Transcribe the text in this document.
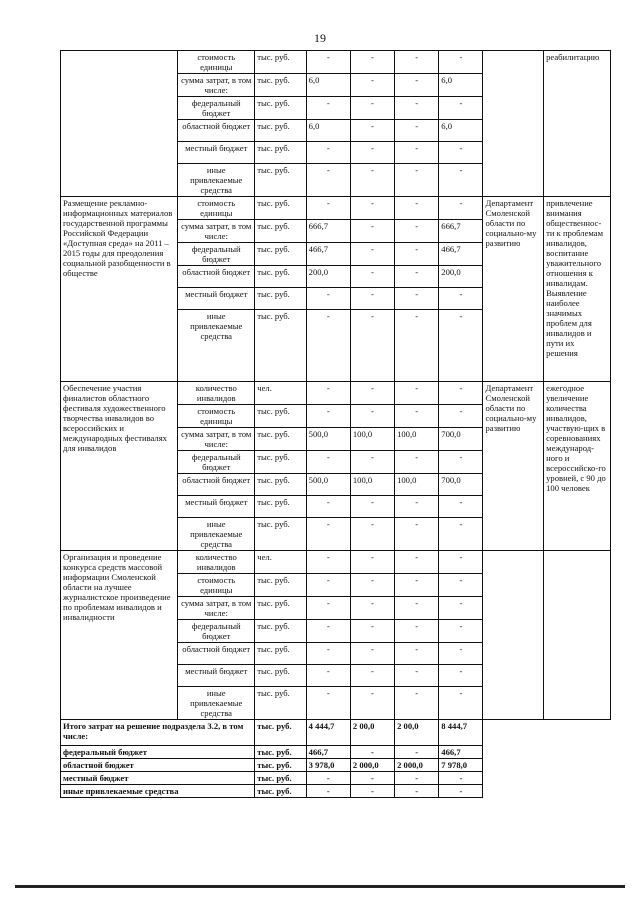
19
	стоимость единицы	тыс. руб.	-	-	-	-		реабилитацию
	сумма затрат, в том числе:	тыс. руб.	6,0	-	-	6,0		
	федеральный бюджет	тыс. руб.	-	-	-	-		
	областной бюджет	тыс. руб.	6,0	-	-	6,0		
	местный бюджет	тыс. руб.	-	-	-	-		
	иные привлекаемые средства	тыс. руб.	-	-	-	-		
Размещение рекламно-информационных материалов государственной программы Российской Федерации «Доступная среда» на 2011 – 2015 годы для преодоления социальной разобщенности в обществе	стоимость единицы	тыс. руб.	-	-	-	-	Департамент Смоленской области по социально-му развитию	привлечение внимания общественнос-ти к проблемам инвалидов, воспитание уважительного отношения к инвалидам. Выявление наиболее значимых проблем для инвалидов и пути их решения
	сумма затрат, в том числе:	тыс. руб.	666,7	-	-	666,7		
	федеральный бюджет	тыс. руб.	466,7	-	-	466,7		
	областной бюджет	тыс. руб.	200,0	-	-	200,0		
	местный бюджет	тыс. руб.	-	-	-	-		
	иные привлекаемые средства	тыс. руб.	-	-	-	-		
Обеспечение участия финалистов областного фестиваля художественного творчества инвалидов во всероссийских и международных фестивалях для инвалидов	количество инвалидов	чел.	-	-	-	-	Департамент Смоленской области по социально-му развитию	ежегодное увеличение количества инвалидов, участвую-щих в соревнованиях международ-ного и всероссийско-го уровней, с 90 до 100 человек
	стоимость единицы	тыс. руб.	-	-	-	-		
	сумма затрат, в том числе:	тыс. руб.	500,0	100,0	100,0	700,0		
	федеральный бюджет	тыс. руб.	-	-	-	-		
	областной бюджет	тыс. руб.	500,0	100,0	100,0	700,0		
	местный бюджет	тыс. руб.	-	-	-	-		
	иные привлекаемые средства	тыс. руб.	-	-	-	-		
Организация и проведение конкурса средств массовой информации Смоленской области на лучшее журналистское произведение по проблемам инвалидов и инвалидности	количество инвалидов	чел.	-	-	-	-		
	стоимость единицы	тыс. руб.	-	-	-	-		
	сумма затрат, в том числе:	тыс. руб.	-	-	-	-		
	федеральный бюджет	тыс. руб.	-	-	-	-		
	областной бюджет	тыс. руб.	-	-	-	-		
	местный бюджет	тыс. руб.	-	-	-	-		
	иные привлекаемые средства	тыс. руб.	-	-	-	-		
Итого затрат на решение подраздела 3.2, в том числе:		тыс. руб.	4 444,7	2 00,0	2 00,0	8 444,7		
федеральный бюджет		тыс. руб.	466,7	-	-	466,7		
областной бюджет		тыс. руб.	3 978,0	2 000,0	2 000,0	7 978,0		
местный бюджет		тыс. руб.	-	-	-	-		
иные привлекаемые средства		тыс. руб.	-	-	-	-		
